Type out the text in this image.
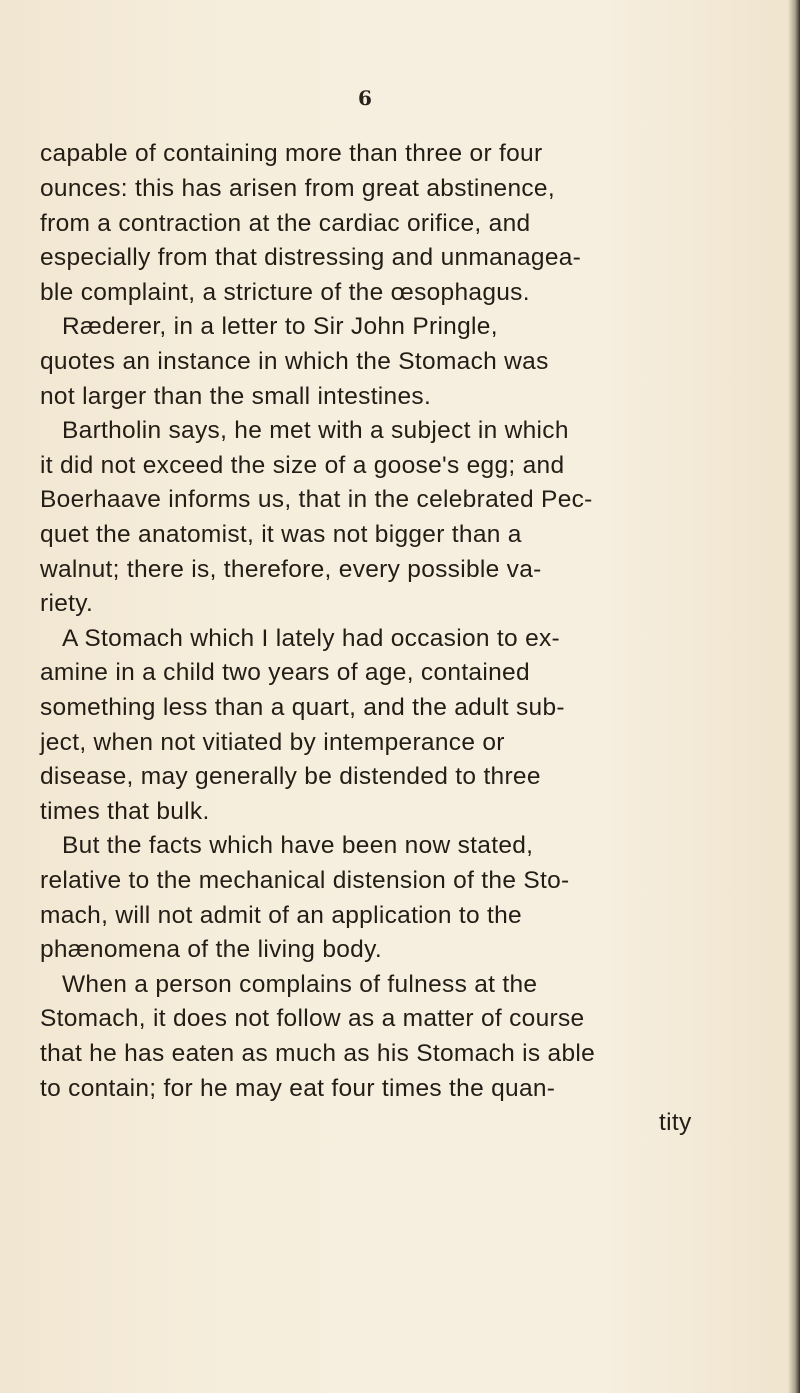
6
capable of containing more than three or four
ounces: this has arisen from great abstinence,
from a contraction at the cardiac orifice, and
especially from that distressing and unmanagea-
ble complaint, a stricture of the œsophagus.
Ræderer, in a letter to Sir John Pringle,
quotes an instance in which the Stomach was
not larger than the small intestines.
Bartholin says, he met with a subject in which
it did not exceed the size of a goose's egg; and
Boerhaave informs us, that in the celebrated Pec-
quet the anatomist, it was not bigger than a
walnut; there is, therefore, every possible va-
riety.
A Stomach which I lately had occasion to ex-
amine in a child two years of age, contained
something less than a quart, and the adult sub-
ject, when not vitiated by intemperance or
disease, may generally be distended to three
times that bulk.
But the facts which have been now stated,
relative to the mechanical distension of the Sto-
mach, will not admit of an application to the
phænomena of the living body.
When a person complains of fulness at the
Stomach, it does not follow as a matter of course
that he has eaten as much as his Stomach is able
to contain; for he may eat four times the quan-
tity
